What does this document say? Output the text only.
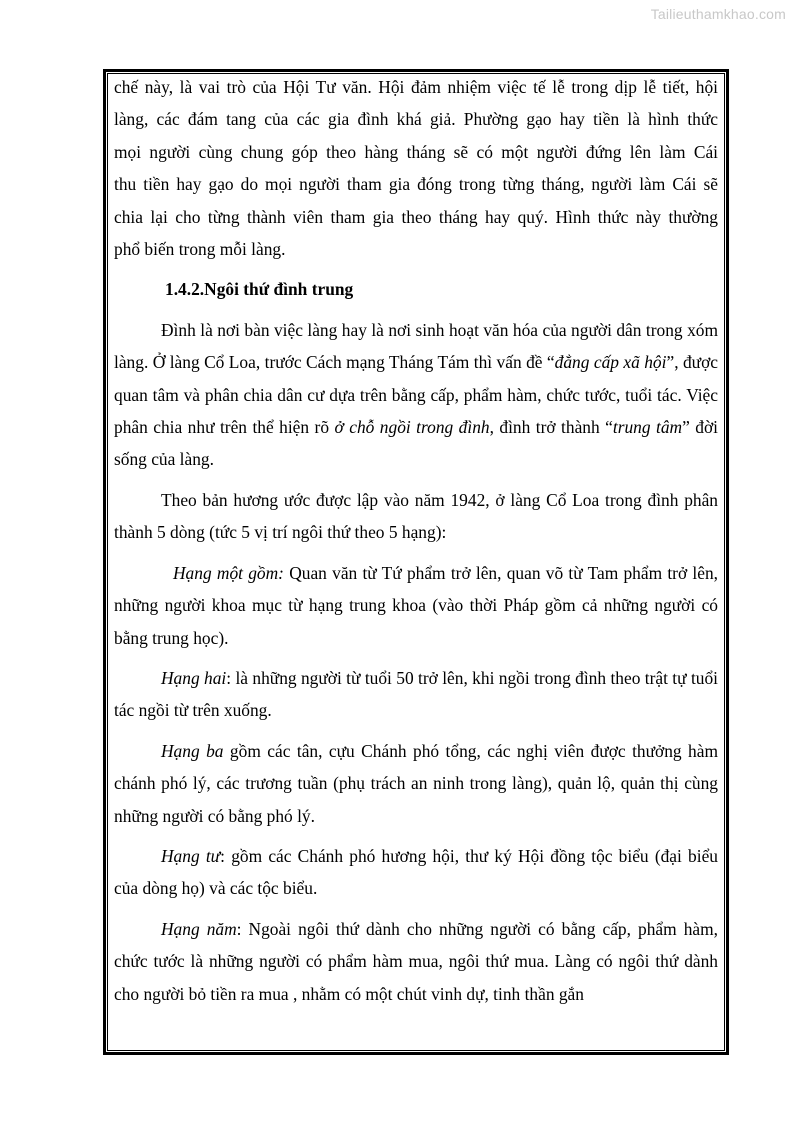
Tailieuthamkhao.com

chế này, là vai trò của Hội Tư văn. Hội đảm nhiệm việc tế lễ trong dịp lễ tiết, hội
làng, các đám tang của các gia đình khá giả. Phường gạo hay tiền là hình thức
mọi người cùng chung góp theo hàng tháng sẽ có một người đứng lên làm Cái
thu tiền hay gạo do mọi người tham gia đóng trong từng tháng, người làm Cái sẽ
chia lại cho từng thành viên tham gia theo tháng hay quý. Hình thức này thường
phổ biến trong mỗi làng.

1.4.2.Ngôi thứ đình trung

Đình là nơi bàn việc làng hay là nơi sinh hoạt văn hóa của người dân trong xóm làng. Ở làng Cổ Loa, trước Cách mạng Tháng Tám thì vấn đề “đẳng cấp xã hội”, được quan tâm và phân chia dân cư dựa trên bằng cấp, phẩm hàm, chức tước, tuổi tác. Việc phân chia như trên thể hiện rõ ở chỗ ngồi trong đình, đình trở thành “trung tâm” đời sống của làng.

Theo bản hương ước được lập vào năm 1942, ở làng Cổ Loa trong đình phân thành 5 dòng (tức 5 vị trí ngôi thứ theo 5 hạng):

Hạng một gồm: Quan văn từ Tứ phẩm trở lên, quan võ từ Tam phẩm trở lên, những người khoa mục từ hạng trung khoa (vào thời Pháp gồm cả những người có bằng trung học).

Hạng hai: là những người từ tuổi 50 trở lên, khi ngồi trong đình theo trật tự tuổi tác ngồi từ trên xuống.

Hạng ba gồm các tân, cựu Chánh phó tổng, các nghị viên được thưởng hàm chánh phó lý, các trương tuần (phụ trách an ninh trong làng), quản lộ, quản thị cùng những người có bằng phó lý.

Hạng tư: gồm các Chánh phó hương hội, thư ký Hội đồng tộc biểu (đại biểu của dòng họ) và các tộc biểu.

Hạng năm: Ngoài ngôi thứ dành cho những người có bằng cấp, phẩm hàm, chức tước là những người có phẩm hàm mua, ngôi thứ mua. Làng có ngôi thứ dành cho người bỏ tiền ra mua , nhằm có một chút vinh dự, tinh thần gắn
